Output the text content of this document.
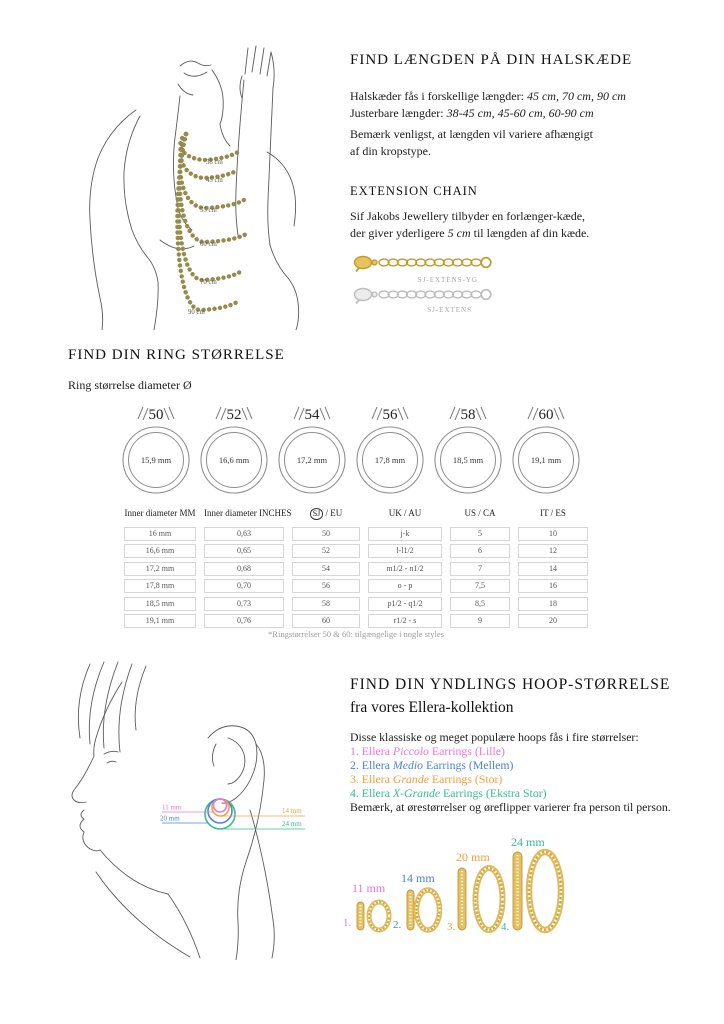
38 cm
45 cm
55 cm
60 cm
70 cm
90 cm
FIND LÆNGDEN PÅ DIN HALSKÆDE
Halskæder fås i forskellige længder: 45 cm, 70 cm, 90 cm
Justerbare længder: 38-45 cm, 45-60 cm, 60-90 cm
Bemærk venligst, at længden vil variere afhængigt
af din kropstype.
EXTENSION CHAIN
Sif Jakobs Jewellery tilbyder en forlænger-kæde,
der giver yderligere 5 cm til længden af din kæde.
SJ-EXTENS-YG
SJ-EXTENS
FIND DIN RING STØRRELSE
Ring størrelse diameter Ø
50
15,9 mm
52
16,6 mm
54
17,2 mm
56
17,8 mm
58
18,5 mm
60
19,1 mm
Inner diameter MM Inner diameter INCHES	SJ / EU	UK / AU	US / CA	IT / ES
16 mm	0,63	50	j-k	5	10
16,6 mm	0,65	52	l-l1/2	6	12
17,2 mm	0,68	54	m1/2 - n1/2	7	14
17,8 mm	0,70	56	o - p	7,5	16
18,5 mm	0,73	58	p1/2 - q1/2	8,5	18
19,1 mm	0,76	60	r1/2 - s	9	20
*Ringstørrelser 50 & 60: tilgængelige i nogle styles
11 mm
20 mm
14 mm
24 mm
FIND DIN YNDLINGS HOOP-STØRRELSE
fra vores Ellera-kollektion
Disse klassiske og meget populære hoops fås i fire størrelser:
1. Ellera Piccolo Earrings (Lille)
2. Ellera Medio Earrings (Mellem)
3. Ellera Grande Earrings (Stor)
4. Ellera X-Grande Earrings (Ekstra Stor)
Bemærk, at ørestørrelser og øreflipper varierer fra person til person.
11 mm
14 mm
20 mm
24 mm
1.	2.	3.	4.
